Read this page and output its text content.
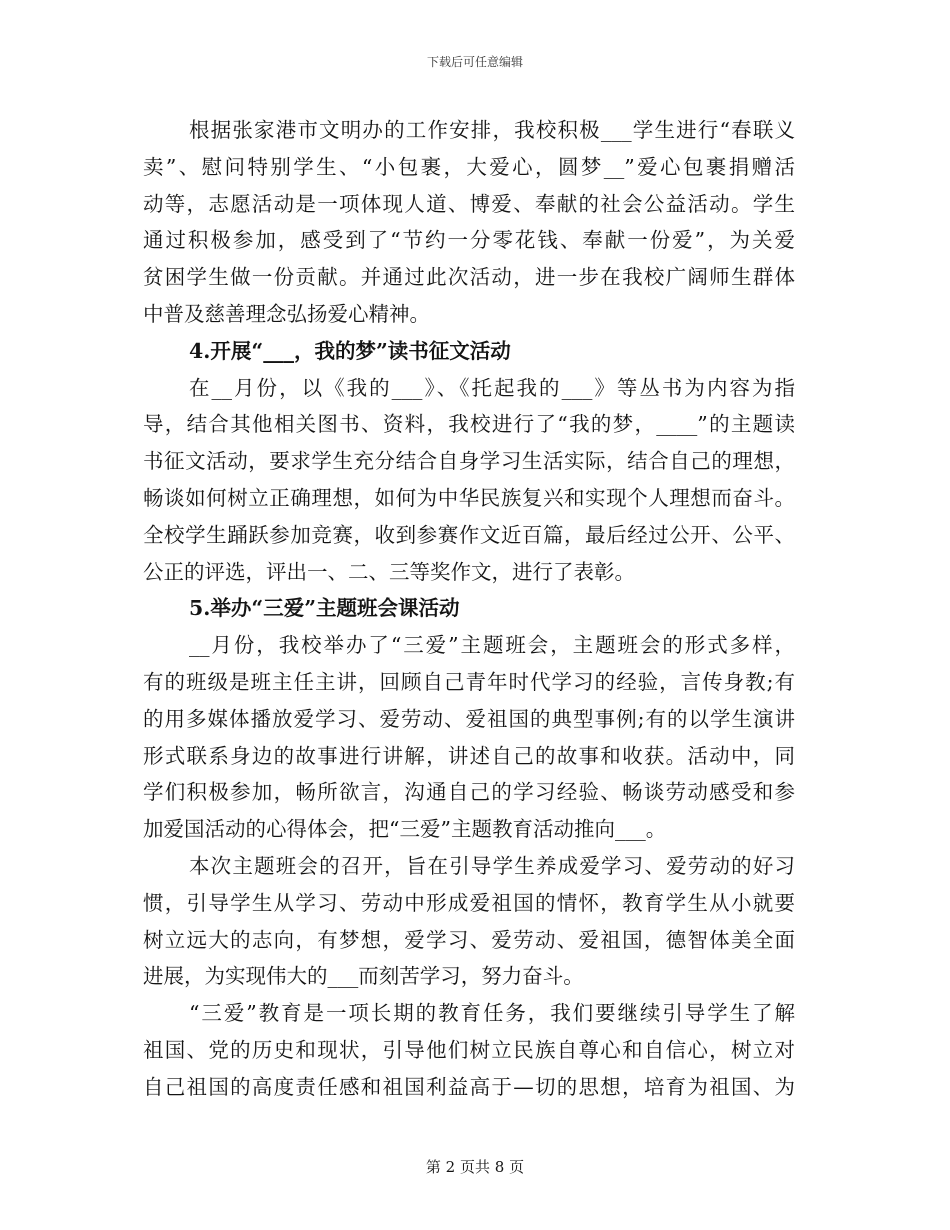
下载后可任意编辑
根据张家港市文明办的工作安排，我校积极___学生进行“春联义
卖”、慰问特别学生、“小包裹，大爱心，圆梦__”爱心包裹捐赠活
动等，志愿活动是一项体现人道、博爱、奉献的社会公益活动。学生
通过积极参加，感受到了“节约一分零花钱、奉献一份爱”，为关爱
贫困学生做一份贡献。并通过此次活动，进一步在我校广阔师生群体
中普及慈善理念弘扬爱心精神。
4.开展“___，我的梦”读书征文活动
在__月份，以《我的___》、《托起我的___》等丛书为内容为指
导，结合其他相关图书、资料，我校进行了“我的梦，____”的主题读
书征文活动，要求学生充分结合自身学习生活实际，结合自己的理想，
畅谈如何树立正确理想，如何为中华民族复兴和实现个人理想而奋斗。
全校学生踊跃参加竞赛，收到参赛作文近百篇，最后经过公开、公平、
公正的评选，评出一、二、三等奖作文，进行了表彰。
5.举办“三爱”主题班会课活动
__月份，我校举办了“三爱”主题班会，主题班会的形式多样，
有的班级是班主任主讲，回顾自己青年时代学习的经验，言传身教;有
的用多媒体播放爱学习、爱劳动、爱祖国的典型事例;有的以学生演讲
形式联系身边的故事进行讲解，讲述自己的故事和收获。活动中，同
学们积极参加，畅所欲言，沟通自己的学习经验、畅谈劳动感受和参
加爱国活动的心得体会，把“三爱”主题教育活动推向___。
本次主题班会的召开，旨在引导学生养成爱学习、爱劳动的好习
惯，引导学生从学习、劳动中形成爱祖国的情怀，教育学生从小就要
树立远大的志向，有梦想，爱学习、爱劳动、爱祖国，德智体美全面
进展，为实现伟大的___而刻苦学习，努力奋斗。
“三爱”教育是一项长期的教育任务，我们要继续引导学生了解
祖国、党的历史和现状，引导他们树立民族自尊心和自信心，树立对
自己祖国的高度责任感和祖国利益高于—切的思想，培育为祖国、为
第 2 页共 8 页
